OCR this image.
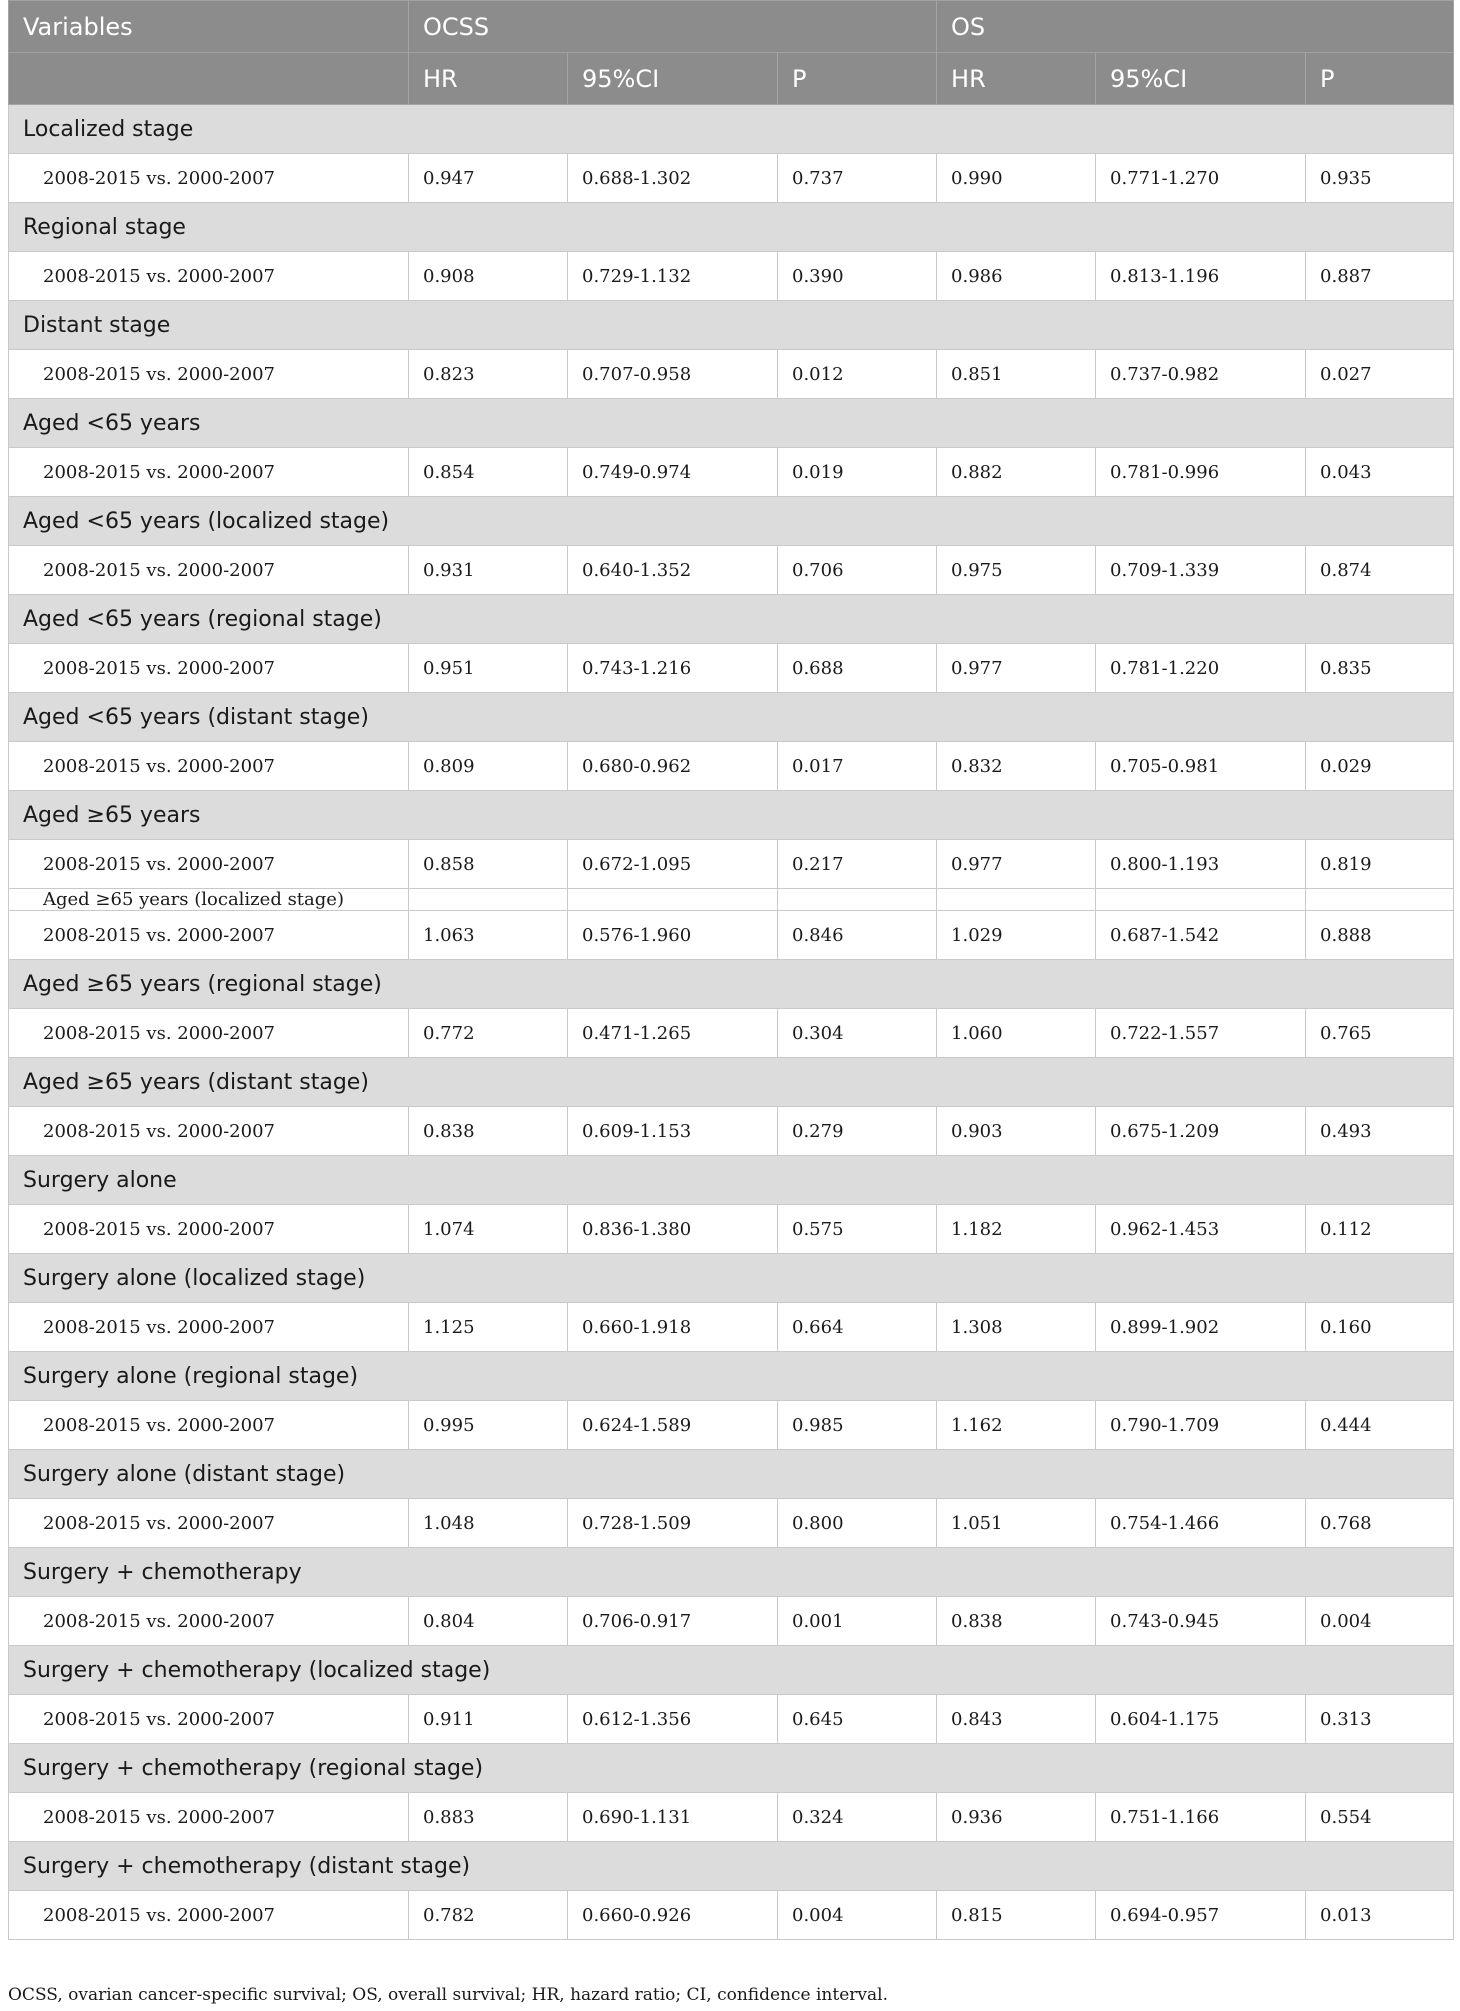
Variables	OCSS			OS		
	HR	95%CI	P	HR	95%CI	P
Localized stage						
2008-2015 vs. 2000-2007	0.947	0.688-1.302	0.737	0.990	0.771-1.270	0.935
Regional stage						
2008-2015 vs. 2000-2007	0.908	0.729-1.132	0.390	0.986	0.813-1.196	0.887
Distant stage						
2008-2015 vs. 2000-2007	0.823	0.707-0.958	0.012	0.851	0.737-0.982	0.027
Aged <65 years						
2008-2015 vs. 2000-2007	0.854	0.749-0.974	0.019	0.882	0.781-0.996	0.043
Aged <65 years (localized stage)						
2008-2015 vs. 2000-2007	0.931	0.640-1.352	0.706	0.975	0.709-1.339	0.874
Aged <65 years (regional stage)						
2008-2015 vs. 2000-2007	0.951	0.743-1.216	0.688	0.977	0.781-1.220	0.835
Aged <65 years (distant stage)						
2008-2015 vs. 2000-2007	0.809	0.680-0.962	0.017	0.832	0.705-0.981	0.029
Aged ≥65 years						
2008-2015 vs. 2000-2007	0.858	0.672-1.095	0.217	0.977	0.800-1.193	0.819
Aged ≥65 years (localized stage)						
2008-2015 vs. 2000-2007	1.063	0.576-1.960	0.846	1.029	0.687-1.542	0.888
Aged ≥65 years (regional stage)						
2008-2015 vs. 2000-2007	0.772	0.471-1.265	0.304	1.060	0.722-1.557	0.765
Aged ≥65 years (distant stage)						
2008-2015 vs. 2000-2007	0.838	0.609-1.153	0.279	0.903	0.675-1.209	0.493
Surgery alone						
2008-2015 vs. 2000-2007	1.074	0.836-1.380	0.575	1.182	0.962-1.453	0.112
Surgery alone (localized stage)						
2008-2015 vs. 2000-2007	1.125	0.660-1.918	0.664	1.308	0.899-1.902	0.160
Surgery alone (regional stage)						
2008-2015 vs. 2000-2007	0.995	0.624-1.589	0.985	1.162	0.790-1.709	0.444
Surgery alone (distant stage)						
2008-2015 vs. 2000-2007	1.048	0.728-1.509	0.800	1.051	0.754-1.466	0.768
Surgery + chemotherapy						
2008-2015 vs. 2000-2007	0.804	0.706-0.917	0.001	0.838	0.743-0.945	0.004
Surgery + chemotherapy (localized stage)						
2008-2015 vs. 2000-2007	0.911	0.612-1.356	0.645	0.843	0.604-1.175	0.313
Surgery + chemotherapy (regional stage)						
2008-2015 vs. 2000-2007	0.883	0.690-1.131	0.324	0.936	0.751-1.166	0.554
Surgery + chemotherapy (distant stage)						
2008-2015 vs. 2000-2007	0.782	0.660-0.926	0.004	0.815	0.694-0.957	0.013
OCSS, ovarian cancer-specific survival; OS, overall survival; HR, hazard ratio; CI, confidence interval.
